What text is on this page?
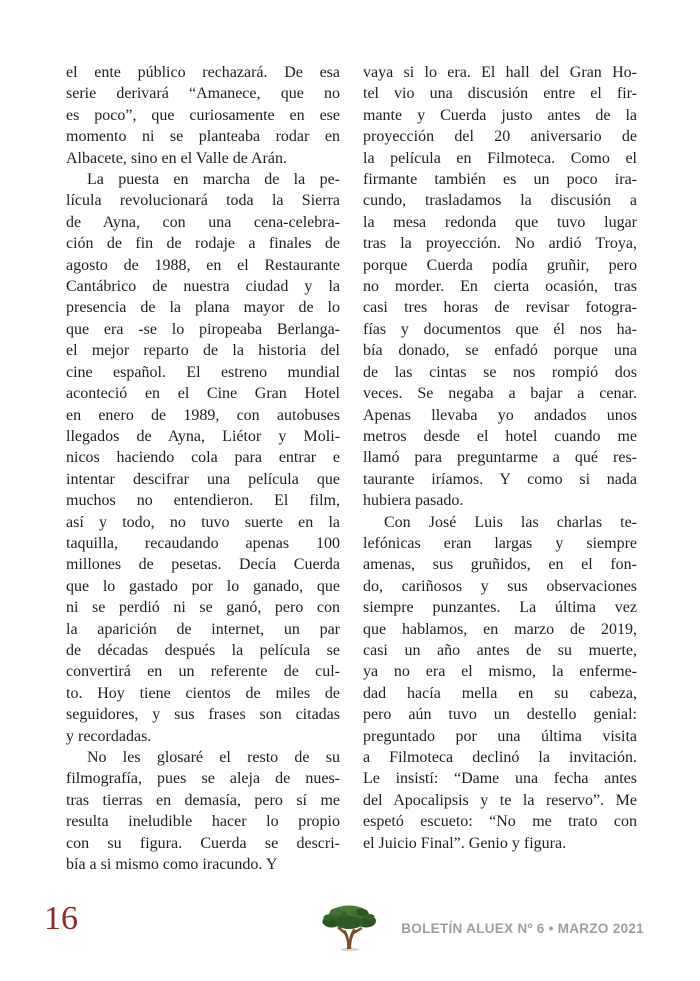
el ente público rechazará. De esa
serie derivará “Amanece, que no
es poco”, que curiosamente en ese
momento ni se planteaba rodar en
Albacete, sino en el Valle de Arán.
La puesta en marcha de la pe-
lícula revolucionará toda la Sierra
de Ayna, con una cena-celebra-
ción de fin de rodaje a finales de
agosto de 1988, en el Restaurante
Cantábrico de nuestra ciudad y la
presencia de la plana mayor de lo
que era -se lo piropeaba Berlanga-
el mejor reparto de la historia del
cine español. El estreno mundial
aconteció en el Cine Gran Hotel
en enero de 1989, con autobuses
llegados de Ayna, Liétor y Moli-
nicos haciendo cola para entrar e
intentar descifrar una película que
muchos no entendieron. El film,
así y todo, no tuvo suerte en la
taquilla, recaudando apenas 100
millones de pesetas. Decía Cuerda
que lo gastado por lo ganado, que
ni se perdió ni se ganó, pero con
la aparición de internet, un par
de décadas después la película se
convertirá en un referente de cul-
to. Hoy tiene cientos de miles de
seguidores, y sus frases son citadas
y recordadas.
No les glosaré el resto de su
filmografía, pues se aleja de nues-
tras tierras en demasía, pero sí me
resulta ineludible hacer lo propio
con su figura. Cuerda se descri-
bía a si mismo como iracundo. Y
vaya si lo era. El hall del Gran Ho-
tel vio una discusión entre el fir-
mante y Cuerda justo antes de la
proyección del 20 aniversario de
la película en Filmoteca. Como el
firmante también es un poco ira-
cundo, trasladamos la discusión a
la mesa redonda que tuvo lugar
tras la proyección. No ardió Troya,
porque Cuerda podía gruñir, pero
no morder. En cierta ocasión, tras
casi tres horas de revisar fotogra-
fías y documentos que él nos ha-
bía donado, se enfadó porque una
de las cintas se nos rompió dos
veces. Se negaba a bajar a cenar.
Apenas llevaba yo andados unos
metros desde el hotel cuando me
llamó para preguntarme a qué res-
taurante iríamos. Y como si nada
hubiera pasado.
Con José Luis las charlas te-
lefónicas eran largas y siempre
amenas, sus gruñidos, en el fon-
do, cariñosos y sus observaciones
siempre punzantes. La última vez
que hablamos, en marzo de 2019,
casi un año antes de su muerte,
ya no era el mismo, la enferme-
dad hacía mella en su cabeza,
pero aún tuvo un destello genial:
preguntado por una última visita
a Filmoteca declinó la invitación.
Le insistí: “Dame una fecha antes
del Apocalipsis y te la reservo”. Me
espetó escueto: “No me trato con
el Juicio Final”. Genio y figura.
16	BOLETÍN ALUEX Nº 6 • MARZO 2021
